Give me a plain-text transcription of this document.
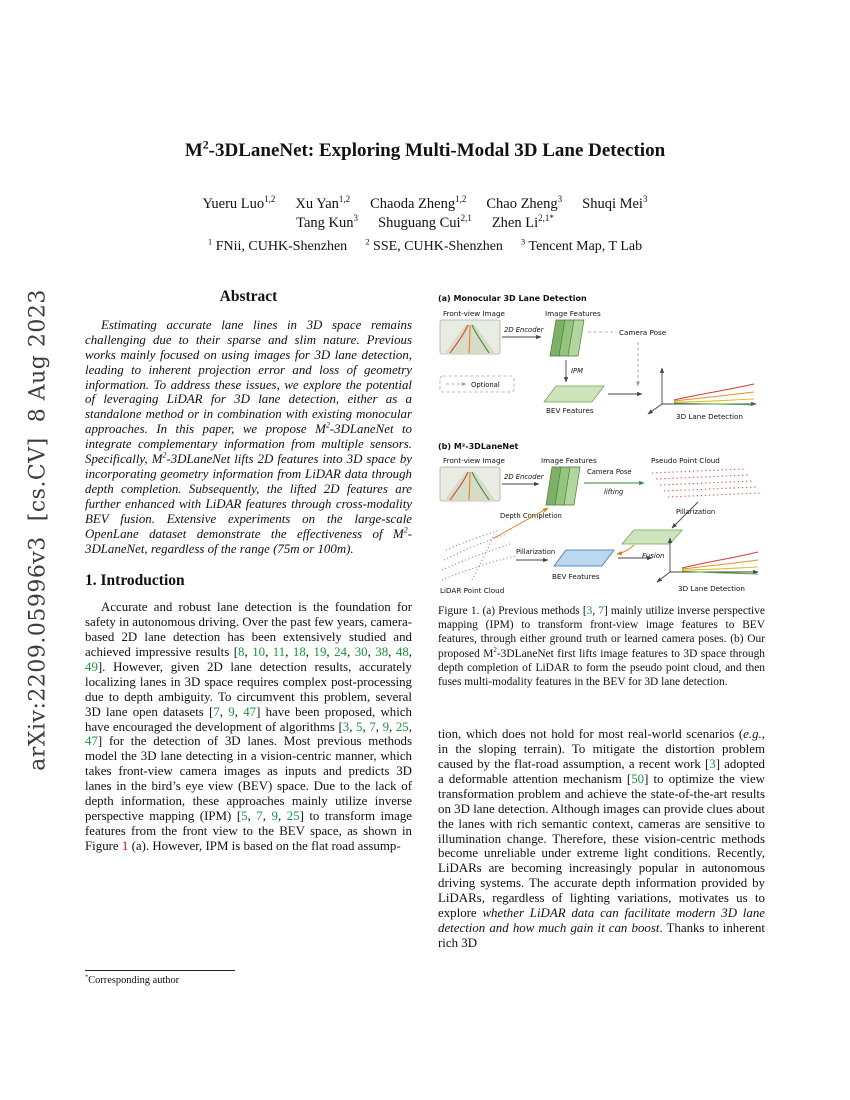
arXiv:2209.05996v3  [cs.CV]  8 Aug 2023
$M^2-3DLaneNet$: Exploring Multi-Modal 3D Lane Detection
Yueru Luo$^{1,2}$ Xu Yan$^{1,2}$ Chaoda Zheng$^{1,2}$ Chao Zheng$^3$ Shuqi Mei$^3$
Tang Kun$^3$ Shuguang Cui$^{2,1}$ Zhen $Li^{2,1*}$
$^1$ FNii, CUHK-Shenzhen $^2$ SSE, CUHK-Shenzhen $^3$ Tencent Map, T Lab
Abstract

Estimating accurate lane lines in 3D space remains challenging due to their sparse and slim nature. Previous works mainly focused on using images for 3D lane detection, leading to inherent projection error and loss of geometry information. To address these issues, we explore the potential of leveraging LiDAR for 3D lane detection, either as a standalone method or in combination with existing monocular approaches. In this paper, we propose $M^2-3DLaneNet$ to integrate complementary information from multiple sensors. Specifically, $M^2-3DLaneNet$ lifts 2D features into 3D space by incorporating geometry information from LiDAR data through depth completion. Subsequently, the lifted 2D features are further enhanced with LiDAR features through cross-modality BEV fusion. Extensive experiments on the large-scale OpenLane dataset demonstrate the effectiveness of $M^2-3DLaneNet$, regardless of the range (75m or 100m).

1. Introduction

Accurate and robust lane detection is the foundation for safety in autonomous driving. Over the past few years, camera-based 2D lane detection has been extensively studied and achieved impressive results [8, 10, 11, 18, 19, 24, 30, 38, 48, 49]. However, given 2D lane detection results, accurately localizing lanes in 3D space requires complex post-processing due to depth ambiguity. To circumvent this problem, several 3D lane open datasets [7, 9, 47] have been proposed, which have encouraged the development of algorithms [3, 5, 7, 9, 25, 47] for the detection of 3D lanes. Most previous methods model the 3D lane detecting in a vision-centric manner, which takes front-view camera images as inputs and predicts 3D lanes in the bird’s eye view (BEV) space. Due to the lack of depth information, these approaches mainly utilize inverse perspective mapping (IPM) [5, 7, 9, 25] to transform image features from the front view to the BEV space, as shown in Figure 1 (a). However, IPM is based on the flat road assump-

(a) Monocular 3D Lane Detection
Front-view Image
2D Encoder
Image Features
Camera Pose
IPM
Optional
BEV Features
3D Lane Detection
(b) M²-3DLaneNet
Front-view Image
2D Encoder
Image Features
Camera Pose
lifting
Pseudo Point Cloud
Pillarization
Depth Completion
LiDAR Point Cloud
Pillarization	Fusion
BEV Features
3D Lane Detection
Figure 1. (a) Previous methods [3, 7] mainly utilize inverse perspective mapping (IPM) to transform front-view image features to BEV features, through either ground truth or learned camera poses. (b) Our proposed $M^2-3DLaneNet$ first lifts image features to 3D space through depth completion of LiDAR to form the pseudo point cloud, and then fuses multi-modality features in the BEV for 3D lane detection.

tion, which does not hold for most real-world scenarios (e.g., in the sloping terrain). To mitigate the distortion problem caused by the flat-road assumption, a recent work [3] adopted a deformable attention mechanism [50] to optimize the view transformation problem and achieve the state-of-the-art results on 3D lane detection. Although images can provide clues about the lanes with rich semantic context, cameras are sensitive to illumination change. Therefore, these vision-centric methods become unreliable under extreme light conditions. Recently, LiDARs are becoming increasingly popular in autonomous driving systems. The accurate depth information provided by LiDARs, regardless of lighting variations, motivates us to explore whether LiDAR data can facilitate modern 3D lane detection and how much gain it can boost. Thanks to inherent rich 3D

*Corresponding author
